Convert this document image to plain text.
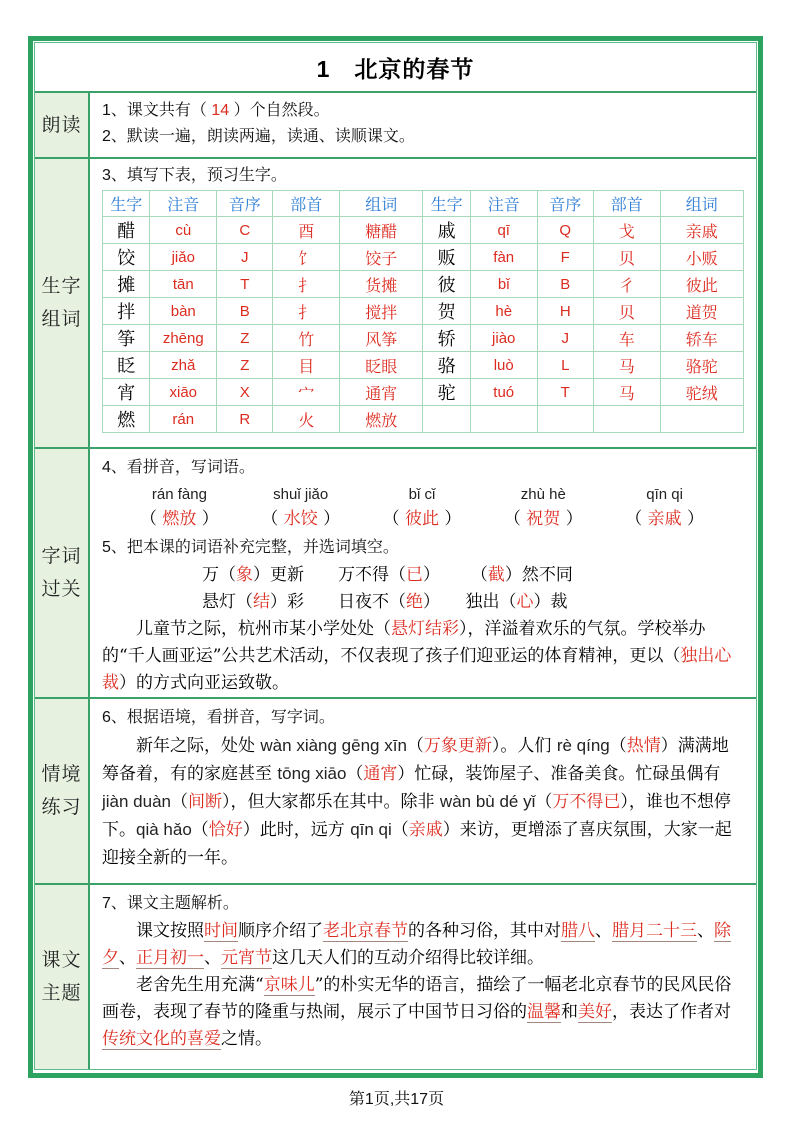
1　北京的春节
朗读
1、课文共有（ 14 ）个自然段。
2、默读一遍，朗读两遍，读通、读顺课文。
生字
组词
3、填写下表，预习生字。
生字	注音	音序	部首	组词	生字	注音	音序	部首	组词
醋	cù	C	酉	糖醋	戚	qī	Q	戈	亲戚
饺	jiǎo	J	饣	饺子	贩	fàn	F	贝	小贩
摊	tān	T	扌	货摊	彼	bǐ	B	彳	彼此
拌	bàn	B	扌	搅拌	贺	hè	H	贝	道贺
筝	zhēng	Z	竹	风筝	轿	jiào	J	车	轿车
眨	zhǎ	Z	目	眨眼	骆	luò	L	马	骆驼
宵	xiāo	X	宀	通宵	驼	tuó	T	马	驼绒
燃	rán	R	火	燃放					
字词
过关
4、看拼音，写词语。
rán fàng
（ 燃放 ）
shuǐ jiǎo
（ 水饺 ）
bǐ cǐ
（ 彼此 ）
zhù hè
（ 祝贺 ）
qīn qi
（ 亲戚 ）
5、把本课的词语补充完整，并选词填空。
万（象）更新　　万不得（已）　　 （截）然不同
悬灯（结）彩　　日夜不（绝）　　独出（心）裁
儿童节之际，杭州市某小学处处（悬灯结彩），洋溢着欢乐的气氛。学校举办的“千人画亚运”公共艺术活动，不仅表现了孩子们迎亚运的体育精神，更以（独出心裁）的方式向亚运致敬。
情境
练习
6、根据语境，看拼音，写字词。
新年之际，处处 wàn xiàng gēng xīn（万象更新）。人们 rè qíng（热情）满满地筹备着，有的家庭甚至 tōng xiāo（通宵）忙碌，装饰屋子、准备美食。忙碌虽偶有 jiàn duàn（间断），但大家都乐在其中。除非 wàn bù dé yǐ（万不得已），谁也不想停下。qià hǎo（恰好）此时，远方 qīn qi（亲戚）来访，更增添了喜庆氛围，大家一起迎接全新的一年。
课文
主题
7、课文主题解析。
课文按照时间顺序介绍了老北京春节的各种习俗，其中对腊八、腊月二十三、除夕、正月初一、元宵节这几天人们的互动介绍得比较详细。
老舍先生用充满“京味儿”的朴实无华的语言，描绘了一幅老北京春节的民风民俗画卷，表现了春节的隆重与热闹，展示了中国节日习俗的温馨和美好，表达了作者对传统文化的喜爱之情。
第1页,共17页
